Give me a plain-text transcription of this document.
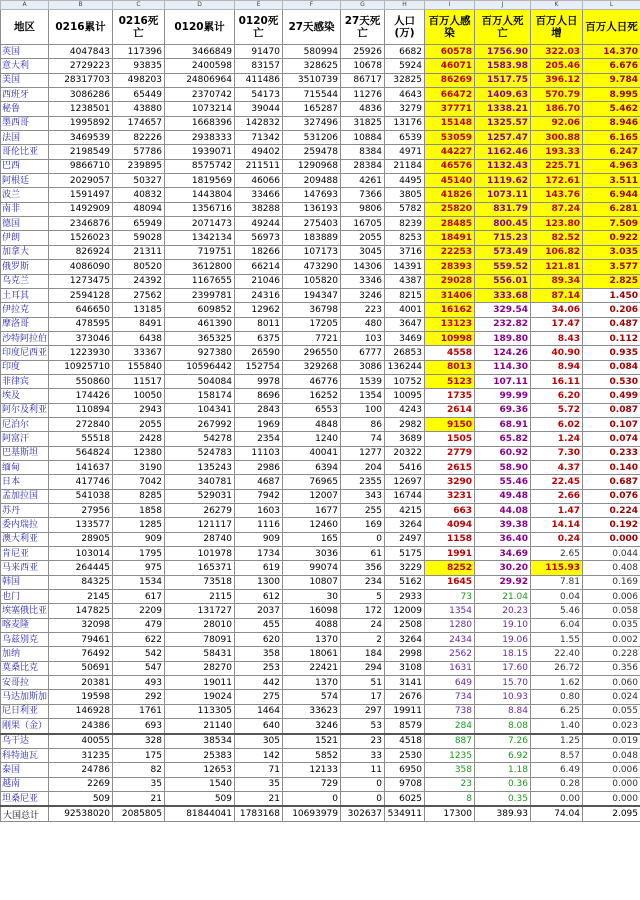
A	B	C	D	E	F	G	H	I	J	K	L
地区	0216累计	0216死亡	0120累计	0120死亡	27天感染	27天死亡	人口(万)	百万人感染	百万人死亡	百万人日增	百万人日死
英国	4047843	117396	3466849	91470	580994	25926	6682	60578	1756.90	322.03	14.370
意大利	2729223	93835	2400598	83157	328625	10678	5924	46071	1583.98	205.46	6.676
美国	28317703	498203	24806964	411486	3510739	86717	32825	86269	1517.75	396.12	9.784
西班牙	3086286	65449	2370742	54173	715544	11276	4643	66472	1409.63	570.79	8.995
秘鲁	1238501	43880	1073214	39044	165287	4836	3279	37771	1338.21	186.70	5.462
墨西哥	1995892	174657	1668396	142832	327496	31825	13176	15148	1325.57	92.06	8.946
法国	3469539	82226	2938333	71342	531206	10884	6539	53059	1257.47	300.88	6.165
哥伦比亚	2198549	57786	1939071	49402	259478	8384	4971	44227	1162.46	193.33	6.247
巴西	9866710	239895	8575742	211511	1290968	28384	21184	46576	1132.43	225.71	4.963
阿根廷	2029057	50327	1819569	46066	209488	4261	4495	45140	1119.62	172.61	3.511
波兰	1591497	40832	1443804	33466	147693	7366	3805	41826	1073.11	143.76	6.944
南非	1492909	48094	1356716	38288	136193	9806	5782	25820	831.79	87.24	6.281
德国	2346876	65949	2071473	49244	275403	16705	8239	28485	800.45	123.80	7.509
伊朗	1526023	59028	1342134	56973	183889	2055	8253	18491	715.23	82.52	0.922
加拿大	826924	21311	719751	18266	107173	3045	3716	22253	573.49	106.82	3.035
俄罗斯	4086090	80520	3612800	66214	473290	14306	14391	28393	559.52	121.81	3.577
乌克兰	1273475	24392	1167655	21046	105820	3346	4387	29028	556.01	89.34	2.825
土耳其	2594128	27562	2399781	24316	194347	3246	8215	31406	333.68	87.14	1.450
伊拉克	646650	13185	609852	12962	36798	223	4001	16162	329.54	34.06	0.206
摩洛哥	478595	8491	461390	8011	17205	480	3647	13123	232.82	17.47	0.487
沙特阿拉伯	373046	6438	365325	6375	7721	103	3469	10998	189.80	8.43	0.112
印度尼西亚	1223930	33367	927380	26590	296550	6777	26853	4558	124.26	40.90	0.935
印度	10925710	155840	10596442	152754	329268	3086	136244	8013	114.30	8.94	0.084
菲律宾	550860	11517	504084	9978	46776	1539	10752	5123	107.11	16.11	0.530
埃及	174426	10050	158174	8696	16252	1354	10095	1735	99.99	6.20	0.499
阿尔及利亚	110894	2943	104341	2843	6553	100	4243	2614	69.36	5.72	0.087
尼泊尔	272840	2055	267992	1969	4848	86	2982	9150	68.91	6.02	0.107
阿富汗	55518	2428	54278	2354	1240	74	3689	1505	65.82	1.24	0.074
巴基斯坦	564824	12380	524783	11103	40041	1277	20322	2779	60.92	7.30	0.233
缅甸	141637	3190	135243	2986	6394	204	5416	2615	58.90	4.37	0.140
日本	417746	7042	340781	4687	76965	2355	12697	3290	55.46	22.45	0.687
孟加拉国	541038	8285	529031	7942	12007	343	16744	3231	49.48	2.66	0.076
苏丹	27956	1858	26279	1603	1677	255	4215	663	44.08	1.47	0.224
委内瑞拉	133577	1285	121117	1116	12460	169	3264	4094	39.38	14.14	0.192
澳大利亚	28905	909	28740	909	165	0	2497	1158	36.40	0.24	0.000
肯尼亚	103014	1795	101978	1734	3036	61	5175	1991	34.69	2.65	0.044
马来西亚	264445	975	165371	619	99074	356	3229	8252	30.20	115.93	0.408
韩国	84325	1534	73518	1300	10807	234	5162	1645	29.92	7.81	0.169
也门	2145	617	2115	612	30	5	2933	73	21.04	0.04	0.006
埃塞俄比亚	147825	2209	131727	2037	16098	172	12009	1354	20.23	5.46	0.058
喀麦隆	32098	479	28010	455	4088	24	2508	1280	19.10	6.04	0.035
乌兹别克	79461	622	78091	620	1370	2	3264	2434	19.06	1.55	0.002
加纳	76492	542	58431	358	18061	184	2998	2562	18.15	22.40	0.228
莫桑比克	50691	547	28270	253	22421	294	3108	1631	17.60	26.72	0.356
安哥拉	20381	493	19011	442	1370	51	3141	649	15.70	1.62	0.060
马达加斯加	19598	292	19024	275	574	17	2676	734	10.93	0.80	0.024
尼日利亚	146928	1761	113305	1464	33623	297	19911	738	8.84	6.25	0.055
刚果（金）	24386	693	21140	640	3246	53	8579	284	8.08	1.40	0.023
乌干达	40055	328	38534	305	1521	23	4518	887	7.26	1.25	0.019
科特迪瓦	31235	175	25383	142	5852	33	2530	1235	6.92	8.57	0.048
泰国	24786	82	12653	71	12133	11	6950	358	1.18	6.49	0.006
越南	2269	35	1540	35	729	0	9708	23	0.36	0.28	0.000
坦桑尼亚	509	21	509	21	0	0	6025	8	0.35	0.00	0.000
大国总计	92538020	2085805	81844041	1783168	10693979	302637	534911	17300	389.93	74.04	2.095
